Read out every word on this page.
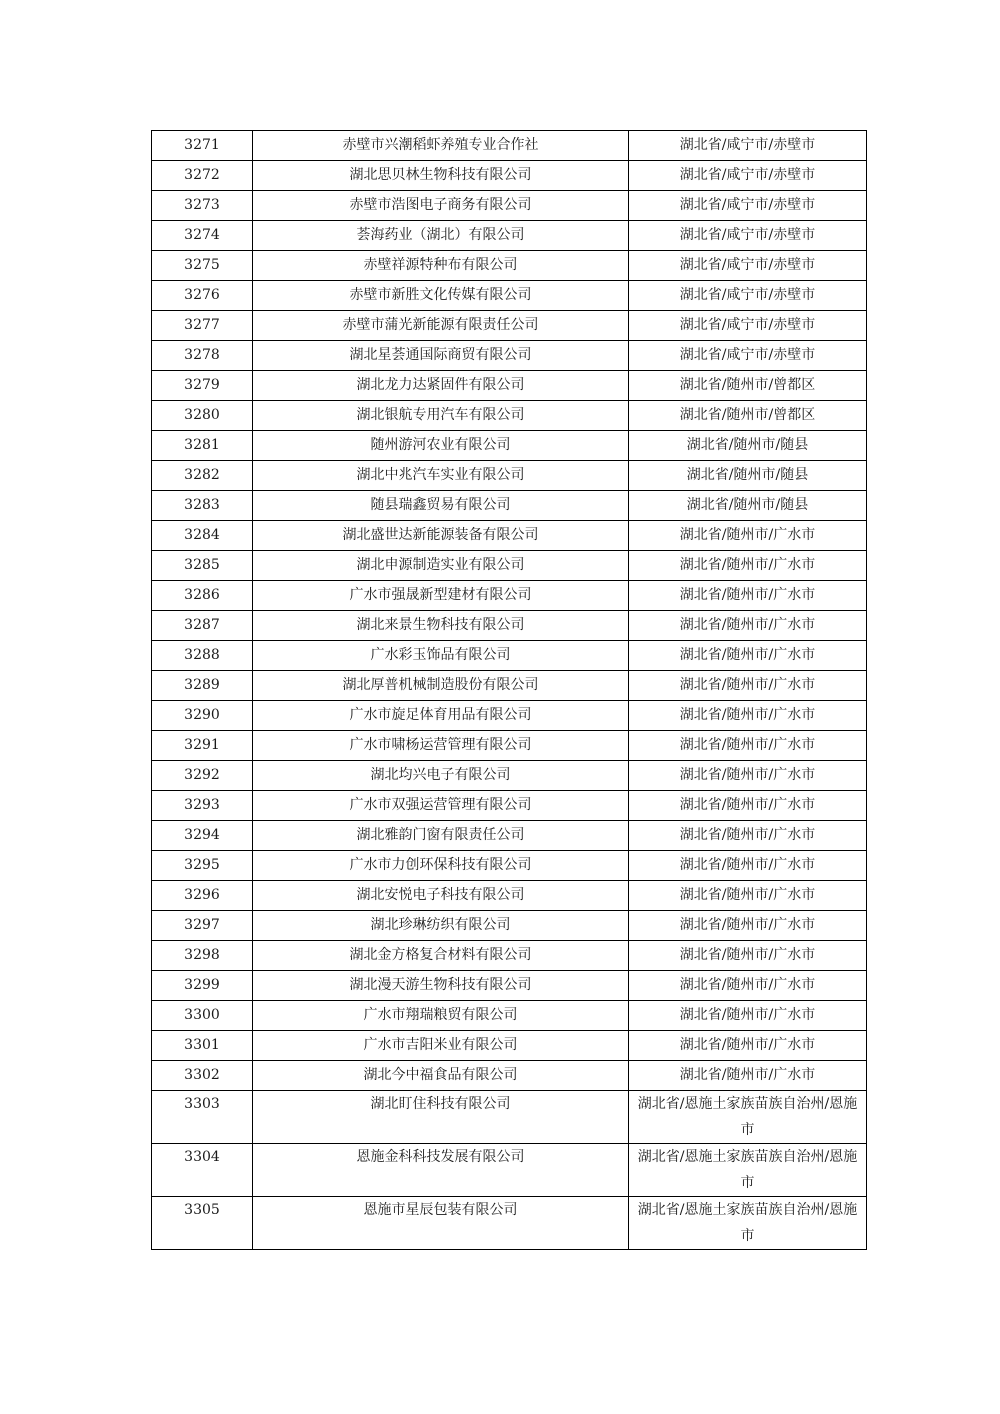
3271	赤壁市兴潮稻虾养殖专业合作社	湖北省/咸宁市/赤壁市
3272	湖北思贝林生物科技有限公司	湖北省/咸宁市/赤壁市
3273	赤壁市浩图电子商务有限公司	湖北省/咸宁市/赤壁市
3274	荟海药业（湖北）有限公司	湖北省/咸宁市/赤壁市
3275	赤壁祥源特种布有限公司	湖北省/咸宁市/赤壁市
3276	赤壁市新胜文化传媒有限公司	湖北省/咸宁市/赤壁市
3277	赤壁市蒲光新能源有限责任公司	湖北省/咸宁市/赤壁市
3278	湖北星荟通国际商贸有限公司	湖北省/咸宁市/赤壁市
3279	湖北龙力达紧固件有限公司	湖北省/随州市/曾都区
3280	湖北银航专用汽车有限公司	湖北省/随州市/曾都区
3281	随州游河农业有限公司	湖北省/随州市/随县
3282	湖北中兆汽车实业有限公司	湖北省/随州市/随县
3283	随县瑞鑫贸易有限公司	湖北省/随州市/随县
3284	湖北盛世达新能源装备有限公司	湖北省/随州市/广水市
3285	湖北申源制造实业有限公司	湖北省/随州市/广水市
3286	广水市强晟新型建材有限公司	湖北省/随州市/广水市
3287	湖北来景生物科技有限公司	湖北省/随州市/广水市
3288	广水彩玉饰品有限公司	湖北省/随州市/广水市
3289	湖北厚普机械制造股份有限公司	湖北省/随州市/广水市
3290	广水市旋足体育用品有限公司	湖北省/随州市/广水市
3291	广水市啸杨运营管理有限公司	湖北省/随州市/广水市
3292	湖北均兴电子有限公司	湖北省/随州市/广水市
3293	广水市双强运营管理有限公司	湖北省/随州市/广水市
3294	湖北雅韵门窗有限责任公司	湖北省/随州市/广水市
3295	广水市力创环保科技有限公司	湖北省/随州市/广水市
3296	湖北安悦电子科技有限公司	湖北省/随州市/广水市
3297	湖北珍琳纺织有限公司	湖北省/随州市/广水市
3298	湖北金方格复合材料有限公司	湖北省/随州市/广水市
3299	湖北漫天游生物科技有限公司	湖北省/随州市/广水市
3300	广水市翔瑞粮贸有限公司	湖北省/随州市/广水市
3301	广水市吉阳米业有限公司	湖北省/随州市/广水市
3302	湖北今中福食品有限公司	湖北省/随州市/广水市
3303	湖北盯住科技有限公司	湖北省/恩施土家族苗族自治州/恩施市
3304	恩施金科科技发展有限公司	湖北省/恩施土家族苗族自治州/恩施市
3305	恩施市星辰包装有限公司	湖北省/恩施土家族苗族自治州/恩施市
